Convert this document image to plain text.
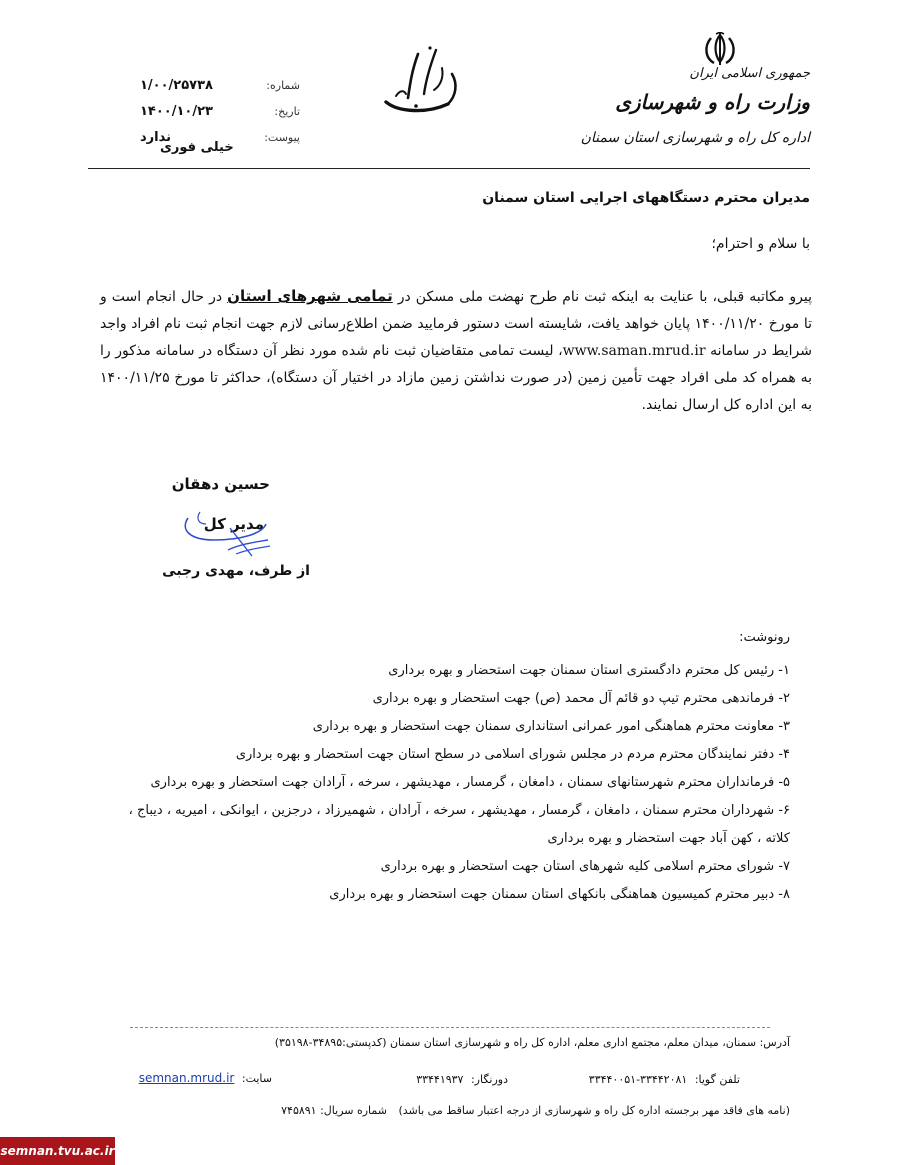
جمهوری اسلامی ایران
وزارت راه و شهرسازی
اداره کل راه و شهرسازی استان سمنان
شماره:
۱/۰۰/۲۵۷۳۸
تاریخ:
۱۴۰۰/۱۰/۲۳
پیوست:
ندارد
خیلی فوری
مدیران محترم دستگاههای اجرایی استان سمنان
با سلام و احترام؛
پیرو مکاتبه قبلی، با عنایت به اینکه ثبت نام طرح نهضت ملی مسکن در تمامی شهرهای استان در حال انجام است و تا مورخ ۱۴۰۰/۱۱/۲۰ پایان خواهد یافت، شایسته است دستور فرمایید ضمن اطلاع‌رسانی لازم جهت انجام ثبت نام افراد واجد شرایط در سامانه www.saman.mrud.ir، لیست تمامی متقاضیان ثبت نام شده مورد نظر آن دستگاه در سامانه مذکور را به همراه کد ملی افراد جهت تأمین زمین (در صورت نداشتن زمین مازاد در اختیار آن دستگاه)، حداکثر تا مورخ ۱۴۰۰/۱۱/۲۵ به این اداره کل ارسال نمایند.
حسین دهقان
مدیر کل
از طرف، مهدی رجبی
رونوشت:
۱- رئیس کل محترم دادگستری استان سمنان جهت استحضار و بهره برداری
۲- فرماندهی محترم تیپ دو قائم آل محمد (ص) جهت استحضار و بهره برداری
۳- معاونت محترم هماهنگی امور عمرانی استانداری سمنان جهت استحضار و بهره برداری
۴- دفتر نمایندگان محترم مردم در مجلس شورای اسلامی در سطح استان جهت استحضار و بهره برداری
۵- فرمانداران محترم شهرستانهای سمنان ، دامغان ، گرمسار ، مهدیشهر ، سرخه ، آرادان جهت استحضار و بهره برداری
۶- شهرداران محترم سمنان ، دامغان ، گرمسار ، مهدیشهر ، سرخه ، آرادان ، شهمیرزاد ، درجزین ، ایوانکی ، امیریه ، دیباج ، کلاته ، کهن آباد جهت استحضار و بهره برداری
۷- شورای محترم اسلامی کلیه شهرهای استان جهت استحضار و بهره برداری
۸- دبیر محترم کمیسیون هماهنگی بانکهای استان سمنان جهت استحضار و بهره برداری
آدرس: سمنان، میدان معلم، مجتمع اداری معلم، اداره کل راه و شهرسازی استان سمنان (کدپستی:۳۴۸۹۵-۳۵۱۹۸)
تلفن گویا: ۳۳۴۴۲۰۸۱-۳۳۴۴۰۰۵۱
دورنگار: ۳۳۴۴۱۹۳۷
سایت: semnan.mrud.ir
(نامه های فاقد مهر برجسته اداره کل راه و شهرسازی از درجه اعتبار ساقط می باشد) شماره سریال: ۷۴۵۸۹۱
semnan.tvu.ac.ir
